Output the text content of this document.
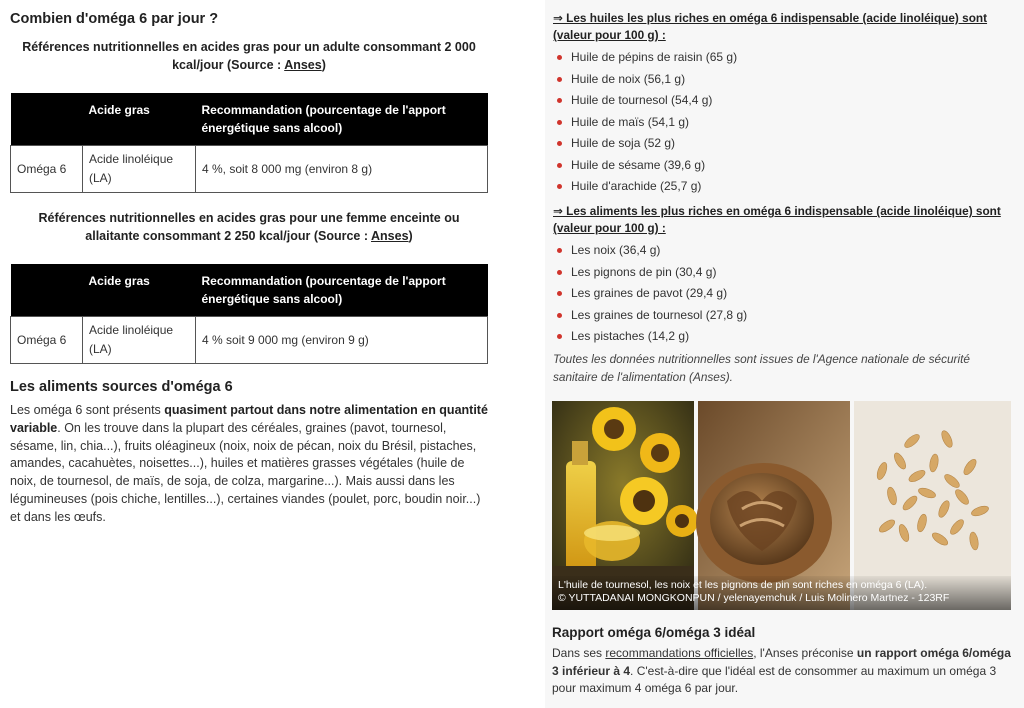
Combien d'oméga 6 par jour ?
Références nutritionnelles en acides gras pour un adulte consommant 2 000 kcal/jour (Source : Anses)
	Acide gras	Recommandation (pourcentage de l'apport énergétique sans alcool)
Oméga 6	Acide linoléique (LA)	4 %, soit 8 000 mg (environ 8 g)
Références nutritionnelles en acides gras pour une femme enceinte ou allaitante consommant 2 250 kcal/jour (Source : Anses)
	Acide gras	Recommandation (pourcentage de l'apport énergétique sans alcool)
Oméga 6	Acide linoléique (LA)	4 % soit 9 000 mg (environ 9 g)
Les aliments sources d'oméga 6
Les oméga 6 sont présents quasiment partout dans notre alimentation en quantité variable. On les trouve dans la plupart des céréales, graines (pavot, tournesol, sésame, lin, chia...), fruits oléagineux (noix, noix de pécan, noix du Brésil, pistaches, amandes, cacahuètes, noisettes...), huiles et matières grasses végétales (huile de noix, de tournesol, de maïs, de soja, de colza, margarine...). Mais aussi dans les légumineuses (pois chiche, lentilles...), certaines viandes (poulet, porc, boudin noir...) et dans les œufs.
⇒ Les huiles les plus riches en oméga 6 indispensable (acide linoléique) sont (valeur pour 100 g) :
Huile de pépins de raisin (65 g)
Huile de noix (56,1 g)
Huile de tournesol (54,4 g)
Huile de maïs (54,1 g)
Huile de soja (52 g)
Huile de sésame (39,6 g)
Huile d'arachide (25,7 g)
⇒ Les aliments les plus riches en oméga 6 indispensable (acide linoléique) sont (valeur pour 100 g) :
Les noix (36,4 g)
Les pignons de pin (30,4 g)
Les graines de pavot (29,4 g)
Les graines de tournesol (27,8 g)
Les pistaches (14,2 g)
Toutes les données nutritionnelles sont issues de l'Agence nationale de sécurité sanitaire de l'alimentation (Anses).
L'huile de tournesol, les noix et les pignons de pin sont riches en oméga 6 (LA).
© YUTTADANAI MONGKONPUN / yelenayemchuk / Luis Molinero Martnez - 123RF
Rapport oméga 6/oméga 3 idéal
Dans ses recommandations officielles, l'Anses préconise un rapport oméga 6/oméga 3 inférieur à 4. C'est-à-dire que l'idéal est de consommer au maximum un oméga 3 pour maximum 4 oméga 6 par jour.
